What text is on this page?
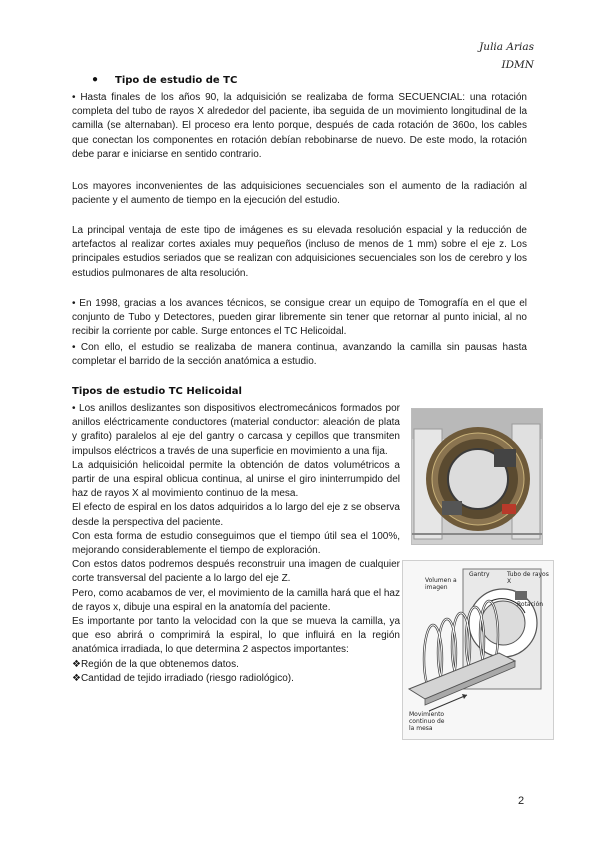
Julia Arias
IDMN
● Tipo de estudio de TC

• Hasta finales de los años 90, la adquisición se realizaba de forma SECUENCIAL: una rotación completa del tubo de rayos X alrededor del paciente, iba seguida de un movimiento longitudinal de la camilla (se alternaban). El proceso era lento porque, después de cada rotación de 360o, los cables que conectan los componentes en rotación debían rebobinarse de nuevo. De este modo, la rotación debe parar e iniciarse en sentido contrario.

Los mayores inconvenientes de las adquisiciones secuenciales son el aumento de la radiación al paciente y el aumento de tiempo en la ejecución del estudio.

La principal ventaja de este tipo de imágenes es su elevada resolución espacial y la reducción de artefactos al realizar cortes axiales muy pequeños (incluso de menos de 1 mm) sobre el eje z. Los principales estudios seriados que se realizan con adquisiciones secuenciales son los de cerebro y los estudios pulmonares de alta resolución.

• En 1998, gracias a los avances técnicos, se consigue crear un equipo de Tomografía en el que el conjunto de Tubo y Detectores, pueden girar libremente sin tener que retornar al punto inicial, al no recibir la corriente por cable. Surge entonces el TC Helicoidal.

• Con ello, el estudio se realizaba de manera continua, avanzando la camilla sin pausas hasta completar el barrido de la sección anatómica a estudio.

Tipos de estudio TC Helicoidal

• Los anillos deslizantes son dispositivos electromecánicos formados por anillos eléctricamente conductores (material conductor: aleación de plata y grafito) paralelos al eje del gantry o carcasa y cepillos que transmiten impulsos eléctricos a través de una superficie en movimiento a una fija.

La adquisición helicoidal permite la obtención de datos volumétricos a partir de una espiral oblicua continua, al unirse el giro ininterrumpido del haz de rayos X al movimiento continuo de la mesa.

El efecto de espiral en los datos adquiridos a lo largo del eje z se observa desde la perspectiva del paciente.

Con esta forma de estudio conseguimos que el tiempo útil sea el 100%, mejorando considerablemente el tiempo de exploración.

Con estos datos podremos después reconstruir una imagen de cualquier corte transversal del paciente a lo largo del eje Z.

Pero, como acabamos de ver, el movimiento de la camilla hará que el haz de rayos x, dibuje una espiral en la anatomía del paciente.

Es importante por tanto la velocidad con la que se mueva la camilla, ya que eso abrirá o comprimirá la espiral, lo que influirá en la región anatómica irradiada, lo que determina 2 aspectos importantes:

❖Región de la que obtenemos datos.

❖Cantidad de tejido irradiado (riesgo radiológico).

Gantry	Tubo de rayos X
Volumen a imagen
Rotación
Movimiento continuo de la mesa
2
